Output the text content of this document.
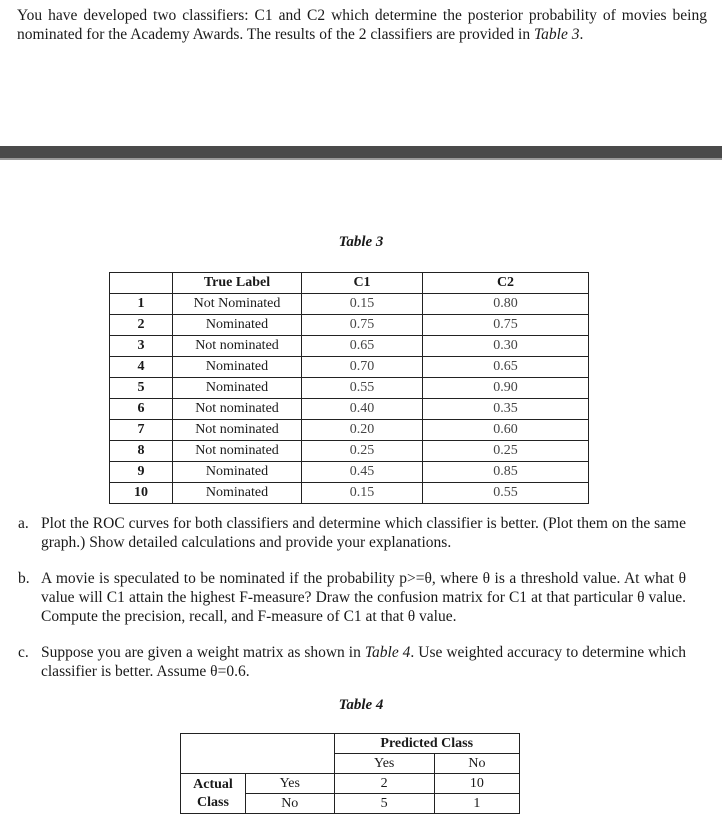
You have developed two classifiers: C1 and C2 which determine the posterior probability of movies being nominated for the Academy Awards. The results of the 2 classifiers are provided in Table 3.
Table 3
	True Label	C1	C2
1	Not Nominated	0.15	0.80
2	Nominated	0.75	0.75
3	Not nominated	0.65	0.30
4	Nominated	0.70	0.65
5	Nominated	0.55	0.90
6	Not nominated	0.40	0.35
7	Not nominated	0.20	0.60
8	Not nominated	0.25	0.25
9	Nominated	0.45	0.85
10	Nominated	0.15	0.55
a. Plot the ROC curves for both classifiers and determine which classifier is better. (Plot them on the same graph.) Show detailed calculations and provide your explanations.
b. A movie is speculated to be nominated if the probability p>=θ, where θ is a threshold value. At what θ value will C1 attain the highest F-measure? Draw the confusion matrix for C1 at that particular θ value. Compute the precision, recall, and F-measure of C1 at that θ value.
c. Suppose you are given a weight matrix as shown in Table 4. Use weighted accuracy to determine which classifier is better. Assume θ=0.6.
Table 4
		Predicted Class	
		Yes	No
Actual
Class	Yes	2	10
	No	5	1
